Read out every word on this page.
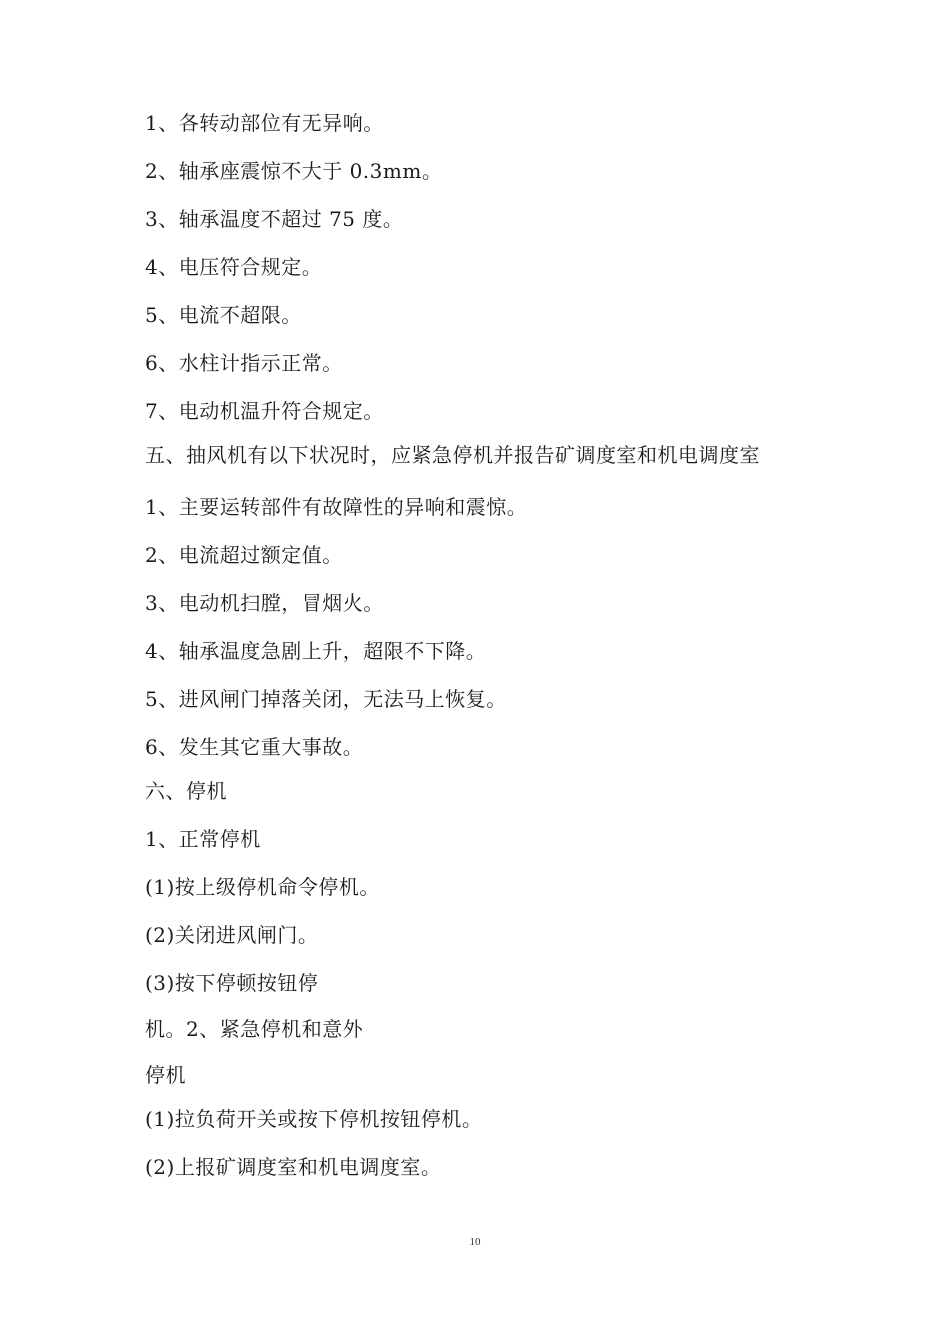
1、各转动部位有无异响。
2、轴承座震惊不大于 0.3mm。
3、轴承温度不超过 75 度。
4、电压符合规定。
5、电流不超限。
6、水柱计指示正常。
7、电动机温升符合规定。
五、抽风机有以下状况时，应紧急停机并报告矿调度室和机电调度室
1、主要运转部件有故障性的异响和震惊。
2、电流超过额定值。
3、电动机扫膛，冒烟火。
4、轴承温度急剧上升，超限不下降。
5、进风闸门掉落关闭，无法马上恢复。
6、发生其它重大事故。
六、停机
1、正常停机
(1)按上级停机命令停机。
(2)关闭进风闸门。
(3)按下停顿按钮停
机。2、紧急停机和意外
停机
(1)拉负荷开关或按下停机按钮停机。
(2)上报矿调度室和机电调度室。
10
